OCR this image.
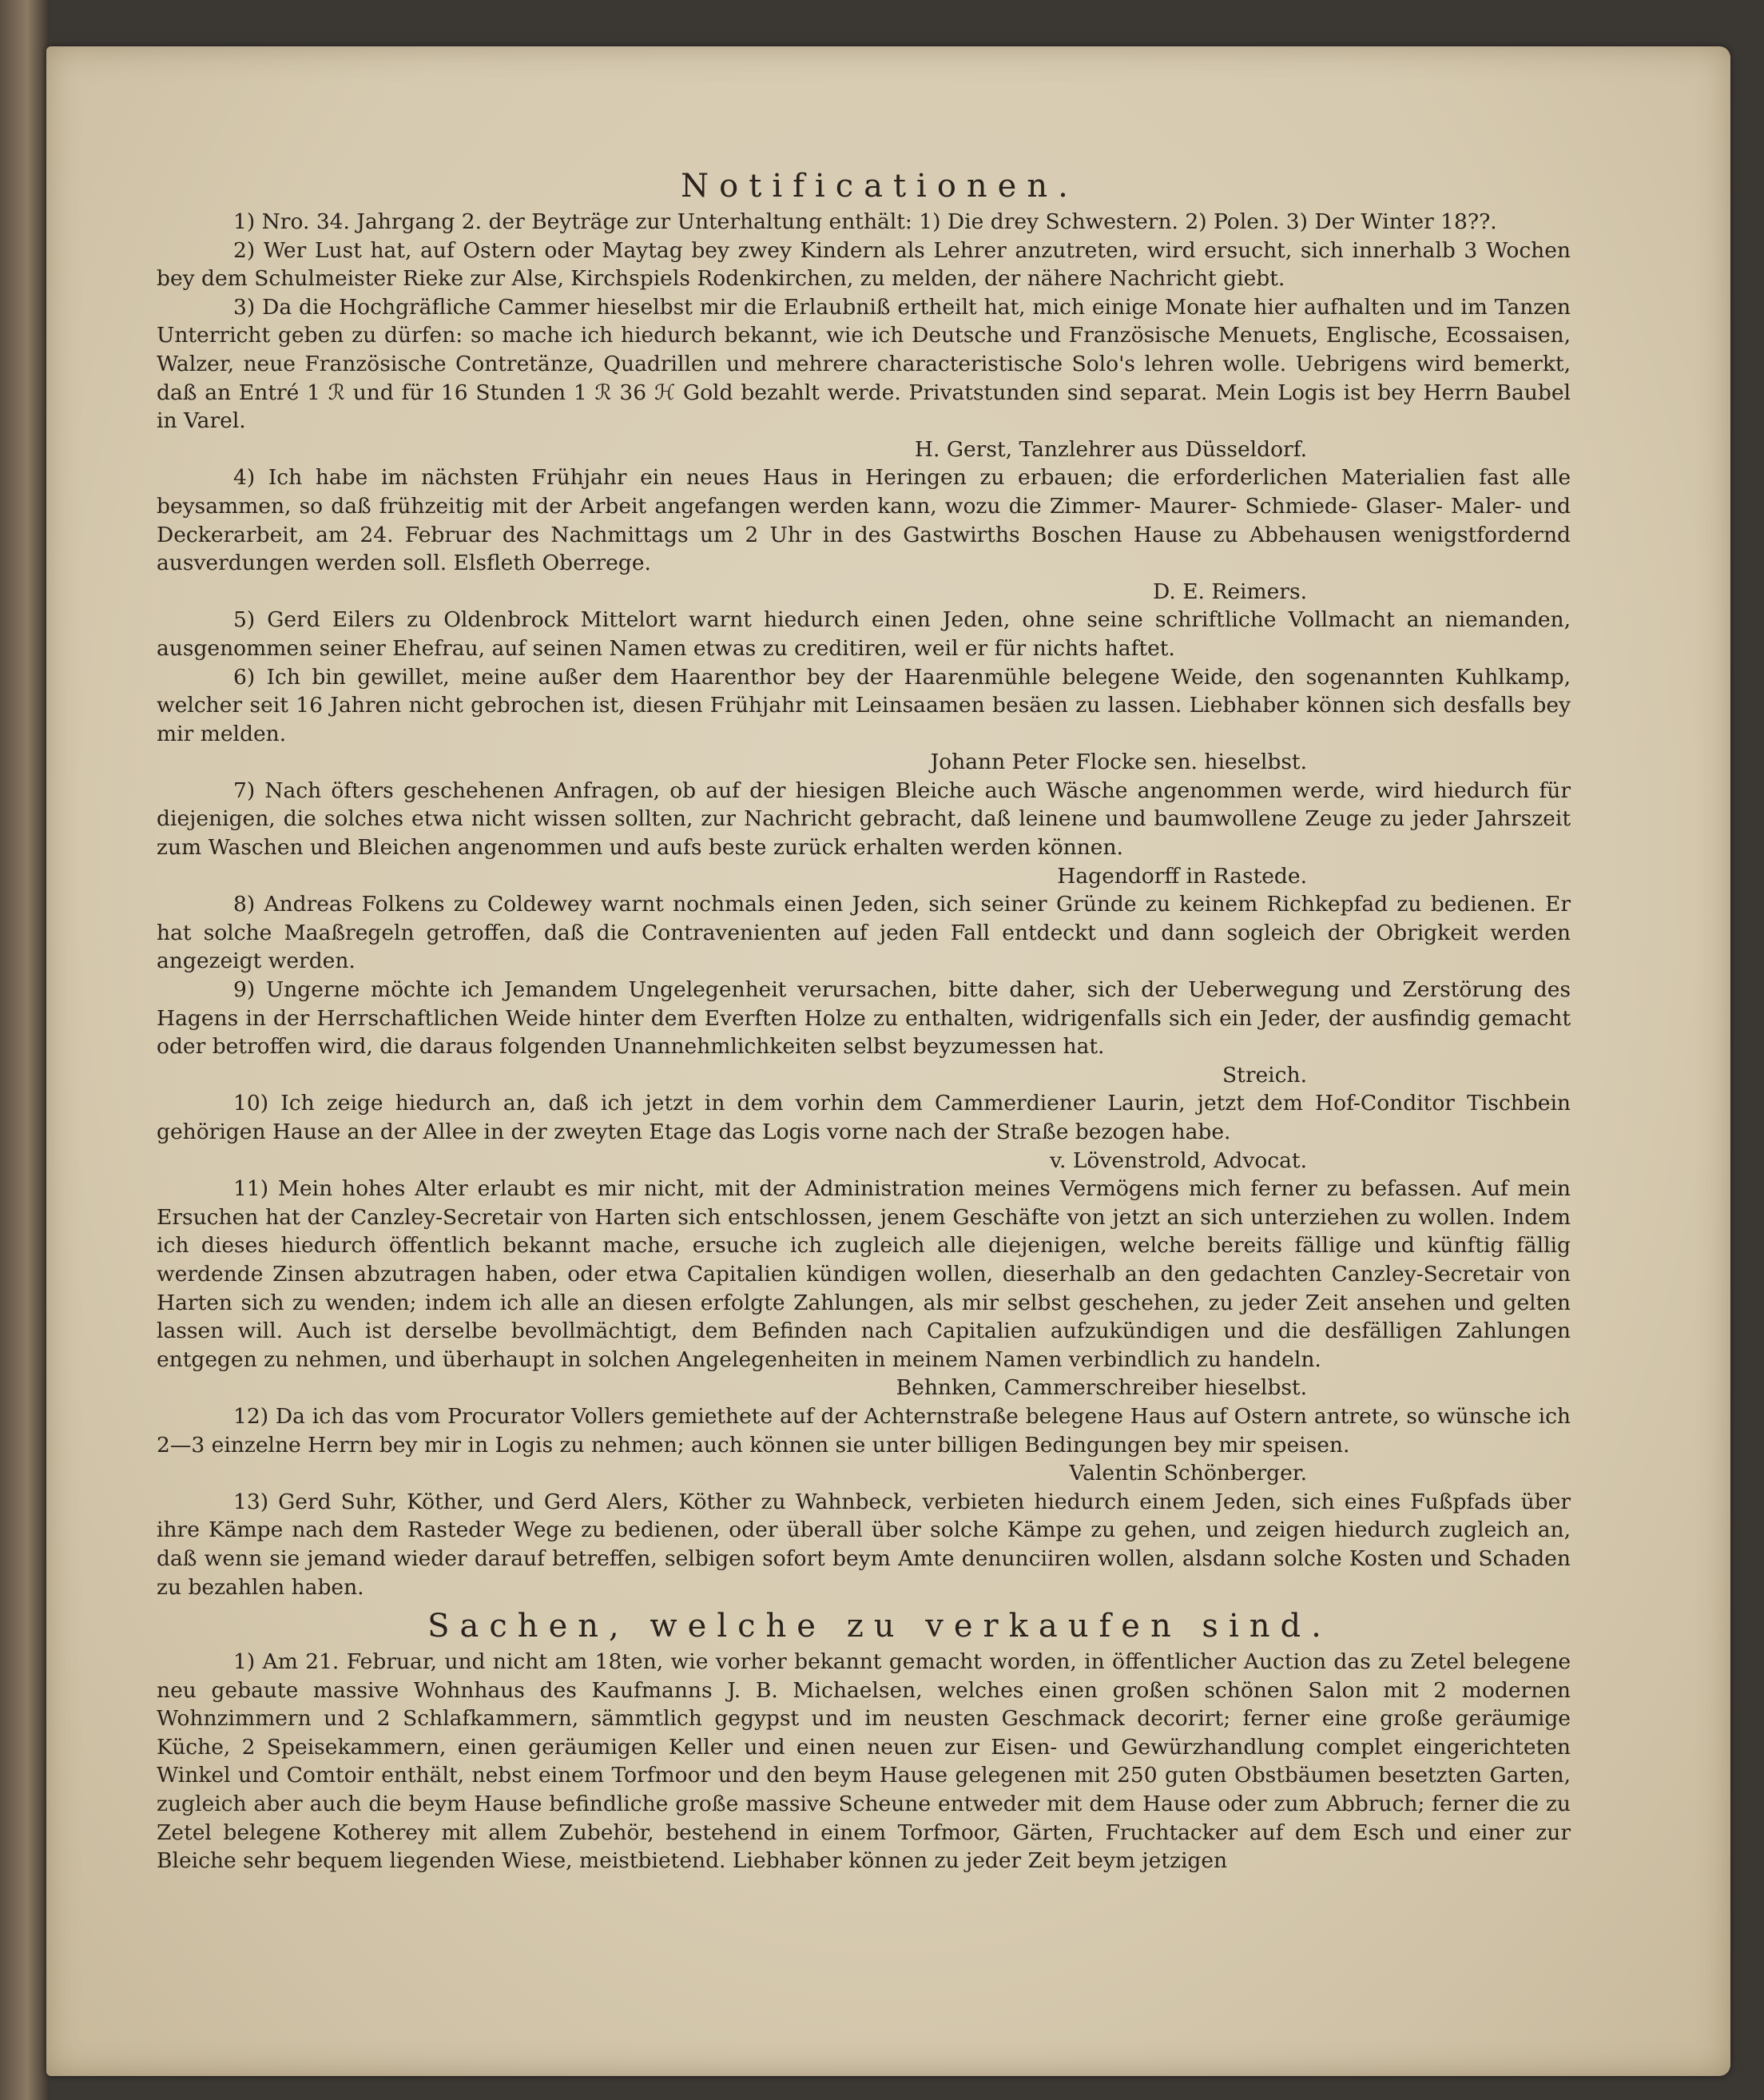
Notificationen.

1) Nro. 34. Jahrgang 2. der Beyträge zur Unterhaltung enthält: 1) Die drey Schwestern. 2) Polen. 3) Der Winter 18??.

2) Wer Lust hat, auf Ostern oder Maytag bey zwey Kindern als Lehrer anzutreten, wird ersucht, sich innerhalb 3 Wochen bey dem Schulmeister Rieke zur Alse, Kirchspiels Rodenkirchen, zu melden, der nähere Nachricht giebt.

3) Da die Hochgräfliche Cammer hieselbst mir die Erlaubniß ertheilt hat, mich einige Monate hier aufhalten und im Tanzen Unterricht geben zu dürfen: so mache ich hiedurch bekannt, wie ich Deutsche und Französische Menuets, Englische, Ecossaisen, Walzer, neue Französische Contretänze, Quadrillen und mehrere characteristische Solo's lehren wolle. Uebrigens wird bemerkt, daß an Entré 1 ℛ und für 16 Stunden 1 ℛ 36 ℋ Gold bezahlt werde. Privatstunden sind separat. Mein Logis ist bey Herrn Baubel in Varel.

H. Gerst, Tanzlehrer aus Düsseldorf.

4) Ich habe im nächsten Frühjahr ein neues Haus in Heringen zu erbauen; die erforderlichen Materialien fast alle beysammen, so daß frühzeitig mit der Arbeit angefangen werden kann, wozu die Zimmer- Maurer- Schmiede- Glaser- Maler- und Deckerarbeit, am 24. Februar des Nachmittags um 2 Uhr in des Gastwirths Boschen Hause zu Abbehausen wenigstfordernd ausverdungen werden soll. Elsfleth Oberrege.

D. E. Reimers.

5) Gerd Eilers zu Oldenbrock Mittelort warnt hiedurch einen Jeden, ohne seine schriftliche Vollmacht an niemanden, ausgenommen seiner Ehefrau, auf seinen Namen etwas zu creditiren, weil er für nichts haftet.

6) Ich bin gewillet, meine außer dem Haarenthor bey der Haarenmühle belegene Weide, den sogenannten Kuhlkamp, welcher seit 16 Jahren nicht gebrochen ist, diesen Frühjahr mit Leinsaamen besäen zu lassen. Liebhaber können sich desfalls bey mir melden.

Johann Peter Flocke sen. hieselbst.

7) Nach öfters geschehenen Anfragen, ob auf der hiesigen Bleiche auch Wäsche angenommen werde, wird hiedurch für diejenigen, die solches etwa nicht wissen sollten, zur Nachricht gebracht, daß leinene und baumwollene Zeuge zu jeder Jahrszeit zum Waschen und Bleichen angenommen und aufs beste zurück erhalten werden können.

Hagendorff in Rastede.

8) Andreas Folkens zu Coldewey warnt nochmals einen Jeden, sich seiner Gründe zu keinem Richkepfad zu bedienen. Er hat solche Maaßregeln getroffen, daß die Contravenienten auf jeden Fall entdeckt und dann sogleich der Obrigkeit werden angezeigt werden.

9) Ungerne möchte ich Jemandem Ungelegenheit verursachen, bitte daher, sich der Ueberwegung und Zerstörung des Hagens in der Herrschaftlichen Weide hinter dem Everften Holze zu enthalten, widrigenfalls sich ein Jeder, der ausfindig gemacht oder betroffen wird, die daraus folgenden Unannehmlichkeiten selbst beyzumessen hat.

Streich.

10) Ich zeige hiedurch an, daß ich jetzt in dem vorhin dem Cammerdiener Laurin, jetzt dem Hof-Conditor Tischbein gehörigen Hause an der Allee in der zweyten Etage das Logis vorne nach der Straße bezogen habe.

v. Lövenstrold, Advocat.

11) Mein hohes Alter erlaubt es mir nicht, mit der Administration meines Vermögens mich ferner zu befassen. Auf mein Ersuchen hat der Canzley-Secretair von Harten sich entschlossen, jenem Geschäfte von jetzt an sich unterziehen zu wollen. Indem ich dieses hiedurch öffentlich bekannt mache, ersuche ich zugleich alle diejenigen, welche bereits fällige und künftig fällig werdende Zinsen abzutragen haben, oder etwa Capitalien kündigen wollen, dieserhalb an den gedachten Canzley-Secretair von Harten sich zu wenden; indem ich alle an diesen erfolgte Zahlungen, als mir selbst geschehen, zu jeder Zeit ansehen und gelten lassen will. Auch ist derselbe bevollmächtigt, dem Befinden nach Capitalien aufzukündigen und die desfälligen Zahlungen entgegen zu nehmen, und überhaupt in solchen Angelegenheiten in meinem Namen verbindlich zu handeln.

Behnken, Cammerschreiber hieselbst.

12) Da ich das vom Procurator Vollers gemiethete auf der Achternstraße belegene Haus auf Ostern antrete, so wünsche ich 2—3 einzelne Herrn bey mir in Logis zu nehmen; auch können sie unter billigen Bedingungen bey mir speisen.

Valentin Schönberger.

13) Gerd Suhr, Köther, und Gerd Alers, Köther zu Wahnbeck, verbieten hiedurch einem Jeden, sich eines Fußpfads über ihre Kämpe nach dem Rasteder Wege zu bedienen, oder überall über solche Kämpe zu gehen, und zeigen hiedurch zugleich an, daß wenn sie jemand wieder darauf betreffen, selbigen sofort beym Amte denunciiren wollen, alsdann solche Kosten und Schaden zu bezahlen haben.

Sachen, welche zu verkaufen sind.

1) Am 21. Februar, und nicht am 18ten, wie vorher bekannt gemacht worden, in öffentlicher Auction das zu Zetel belegene neu gebaute massive Wohnhaus des Kaufmanns J. B. Michaelsen, welches einen großen schönen Salon mit 2 modernen Wohnzimmern und 2 Schlafkammern, sämmtlich gegypst und im neusten Geschmack decorirt; ferner eine große geräumige Küche, 2 Speisekammern, einen geräumigen Keller und einen neuen zur Eisen- und Gewürzhandlung complet eingerichteten Winkel und Comtoir enthält, nebst einem Torfmoor und den beym Hause gelegenen mit 250 guten Obstbäumen besetzten Garten, zugleich aber auch die beym Hause befindliche große massive Scheune entweder mit dem Hause oder zum Abbruch; ferner die zu Zetel belegene Kotherey mit allem Zubehör, bestehend in einem Torfmoor, Gärten, Fruchtacker auf dem Esch und einer zur Bleiche sehr bequem liegenden Wiese, meistbietend. Liebhaber können zu jeder Zeit beym jetzigen
